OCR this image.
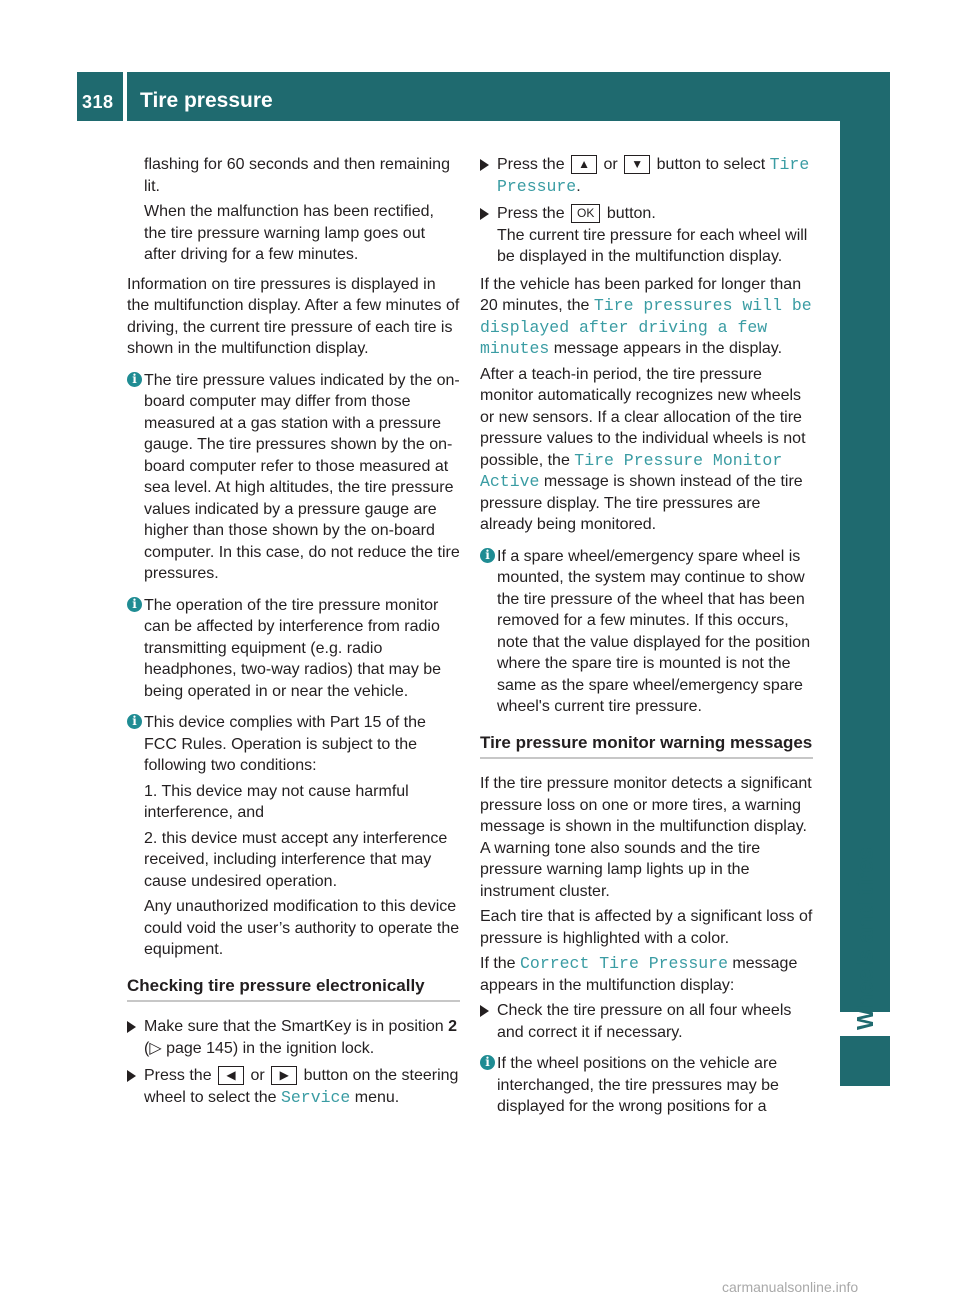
318 Tire pressure
Wheels and tires

flashing for 60 seconds and then remaining lit.

When the malfunction has been rectified, the tire pressure warning lamp goes out after driving for a few minutes.

Information on tire pressures is displayed in the multifunction display. After a few minutes of driving, the current tire pressure of each tire is shown in the multifunction display.

i The tire pressure values indicated by the on-board computer may differ from those measured at a gas station with a pressure gauge. The tire pressures shown by the on-board computer refer to those measured at sea level. At high altitudes, the tire pressure values indicated by a pressure gauge are higher than those shown by the on-board computer. In this case, do not reduce the tire pressures.
i The operation of the tire pressure monitor can be affected by interference from radio transmitting equipment (e.g. radio headphones, two-way radios) that may be being operated in or near the vehicle.
i This device complies with Part 15 of the FCC Rules. Operation is subject to the following two conditions:

1. This device may not cause harmful interference, and

2. this device must accept any interference received, including interference that may cause undesired operation.

Any unauthorized modification to this device could void the user’s authority to operate the equipment.

Checking tire pressure electronically
Make sure that the SmartKey is in position 2 (▷ page 145) in the ignition lock.
Press the ◀ or ▶ button on the steering wheel to select the Service menu.
Press the ▲ or ▼ button to select Tire Pressure.
Press the OK button.
The current tire pressure for each wheel will be displayed in the multifunction display.

If the vehicle has been parked for longer than 20 minutes, the Tire pressures will be displayed after driving a few minutes message appears in the display.

After a teach-in period, the tire pressure monitor automatically recognizes new wheels or new sensors. If a clear allocation of the tire pressure values to the individual wheels is not possible, the Tire Pressure Monitor Active message is shown instead of the tire pressure display. The tire pressures are already being monitored.

i If a spare wheel/emergency spare wheel is mounted, the system may continue to show the tire pressure of the wheel that has been removed for a few minutes. If this occurs, note that the value displayed for the position where the spare tire is mounted is not the same as the spare wheel/emergency spare wheel's current tire pressure.
Tire pressure monitor warning messages

If the tire pressure monitor detects a significant pressure loss on one or more tires, a warning message is shown in the multifunction display. A warning tone also sounds and the tire pressure warning lamp lights up in the instrument cluster.

Each tire that is affected by a significant loss of pressure is highlighted with a color.

If the Correct Tire Pressure message appears in the multifunction display:

Check the tire pressure on all four wheels and correct it if necessary.
i If the wheel positions on the vehicle are interchanged, the tire pressures may be displayed for the wrong positions for a
carmanualsonline.info
